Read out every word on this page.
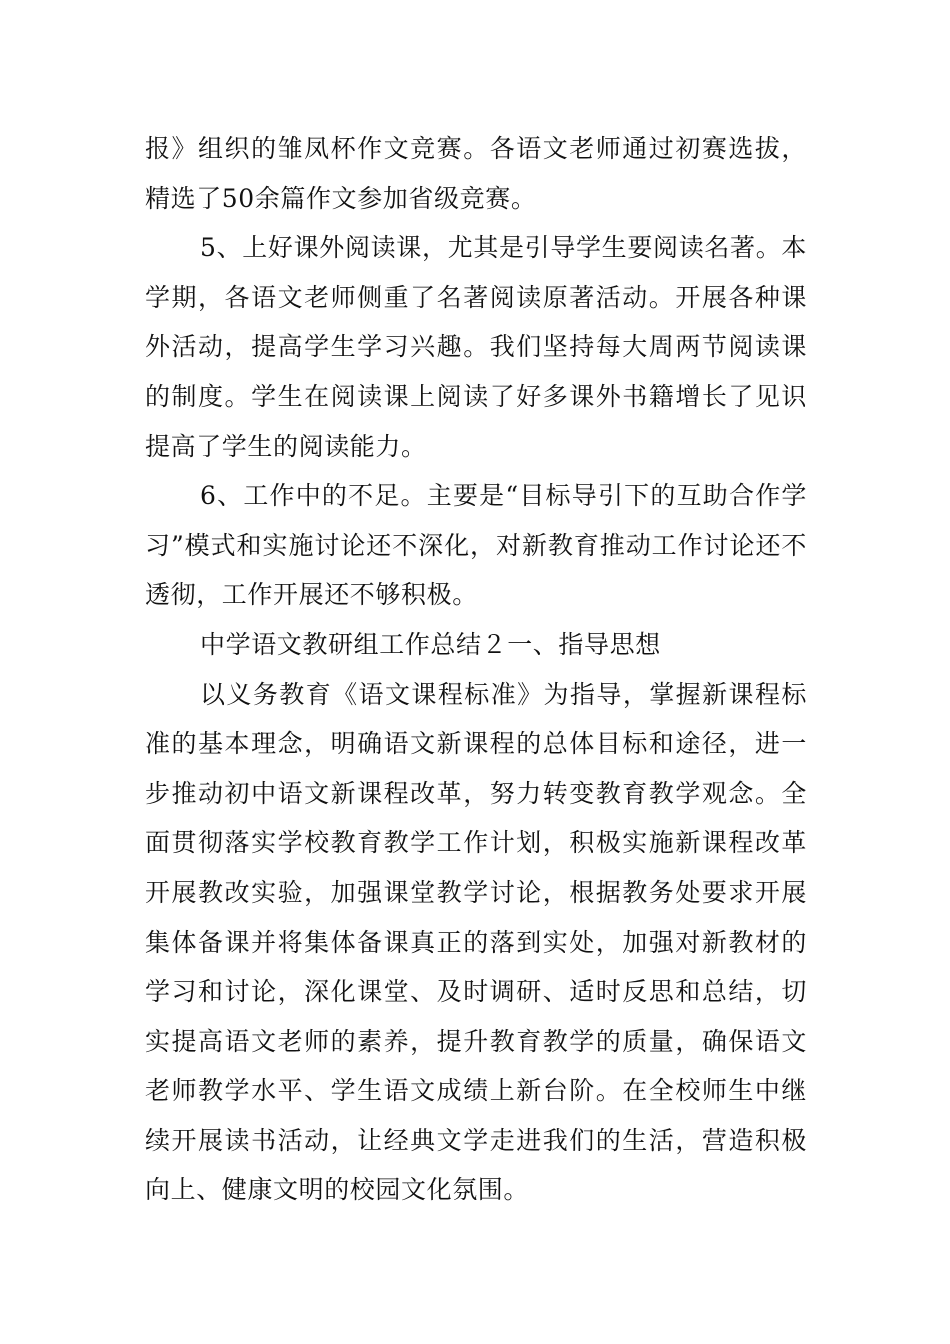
报》组织的雏凤杯作文竞赛。各语文老师通过初赛选拔，精选了50余篇作文参加省级竞赛。

5、上好课外阅读课，尤其是引导学生要阅读名著。本学期，各语文老师侧重了名著阅读原著活动。开展各种课外活动，提高学生学习兴趣。我们坚持每大周两节阅读课的制度。学生在阅读课上阅读了好多课外书籍增长了见识提高了学生的阅读能力。

6、工作中的不足。主要是“目标导引下的互助合作学习”模式和实施讨论还不深化，对新教育推动工作讨论还不透彻，工作开展还不够积极。

中学语文教研组工作总结２一、指导思想

以义务教育《语文课程标准》为指导，掌握新课程标准的基本理念，明确语文新课程的总体目标和途径，进一步推动初中语文新课程改革，努力转变教育教学观念。全面贯彻落实学校教育教学工作计划，积极实施新课程改革开展教改实验，加强课堂教学讨论，根据教务处要求开展集体备课并将集体备课真正的落到实处，加强对新教材的学习和讨论，深化课堂、及时调研、适时反思和总结，切实提高语文老师的素养，提升教育教学的质量，确保语文老师教学水平、学生语文成绩上新台阶。在全校师生中继续开展读书活动，让经典文学走进我们的生活，营造积极向上、健康文明的校园文化氛围。
